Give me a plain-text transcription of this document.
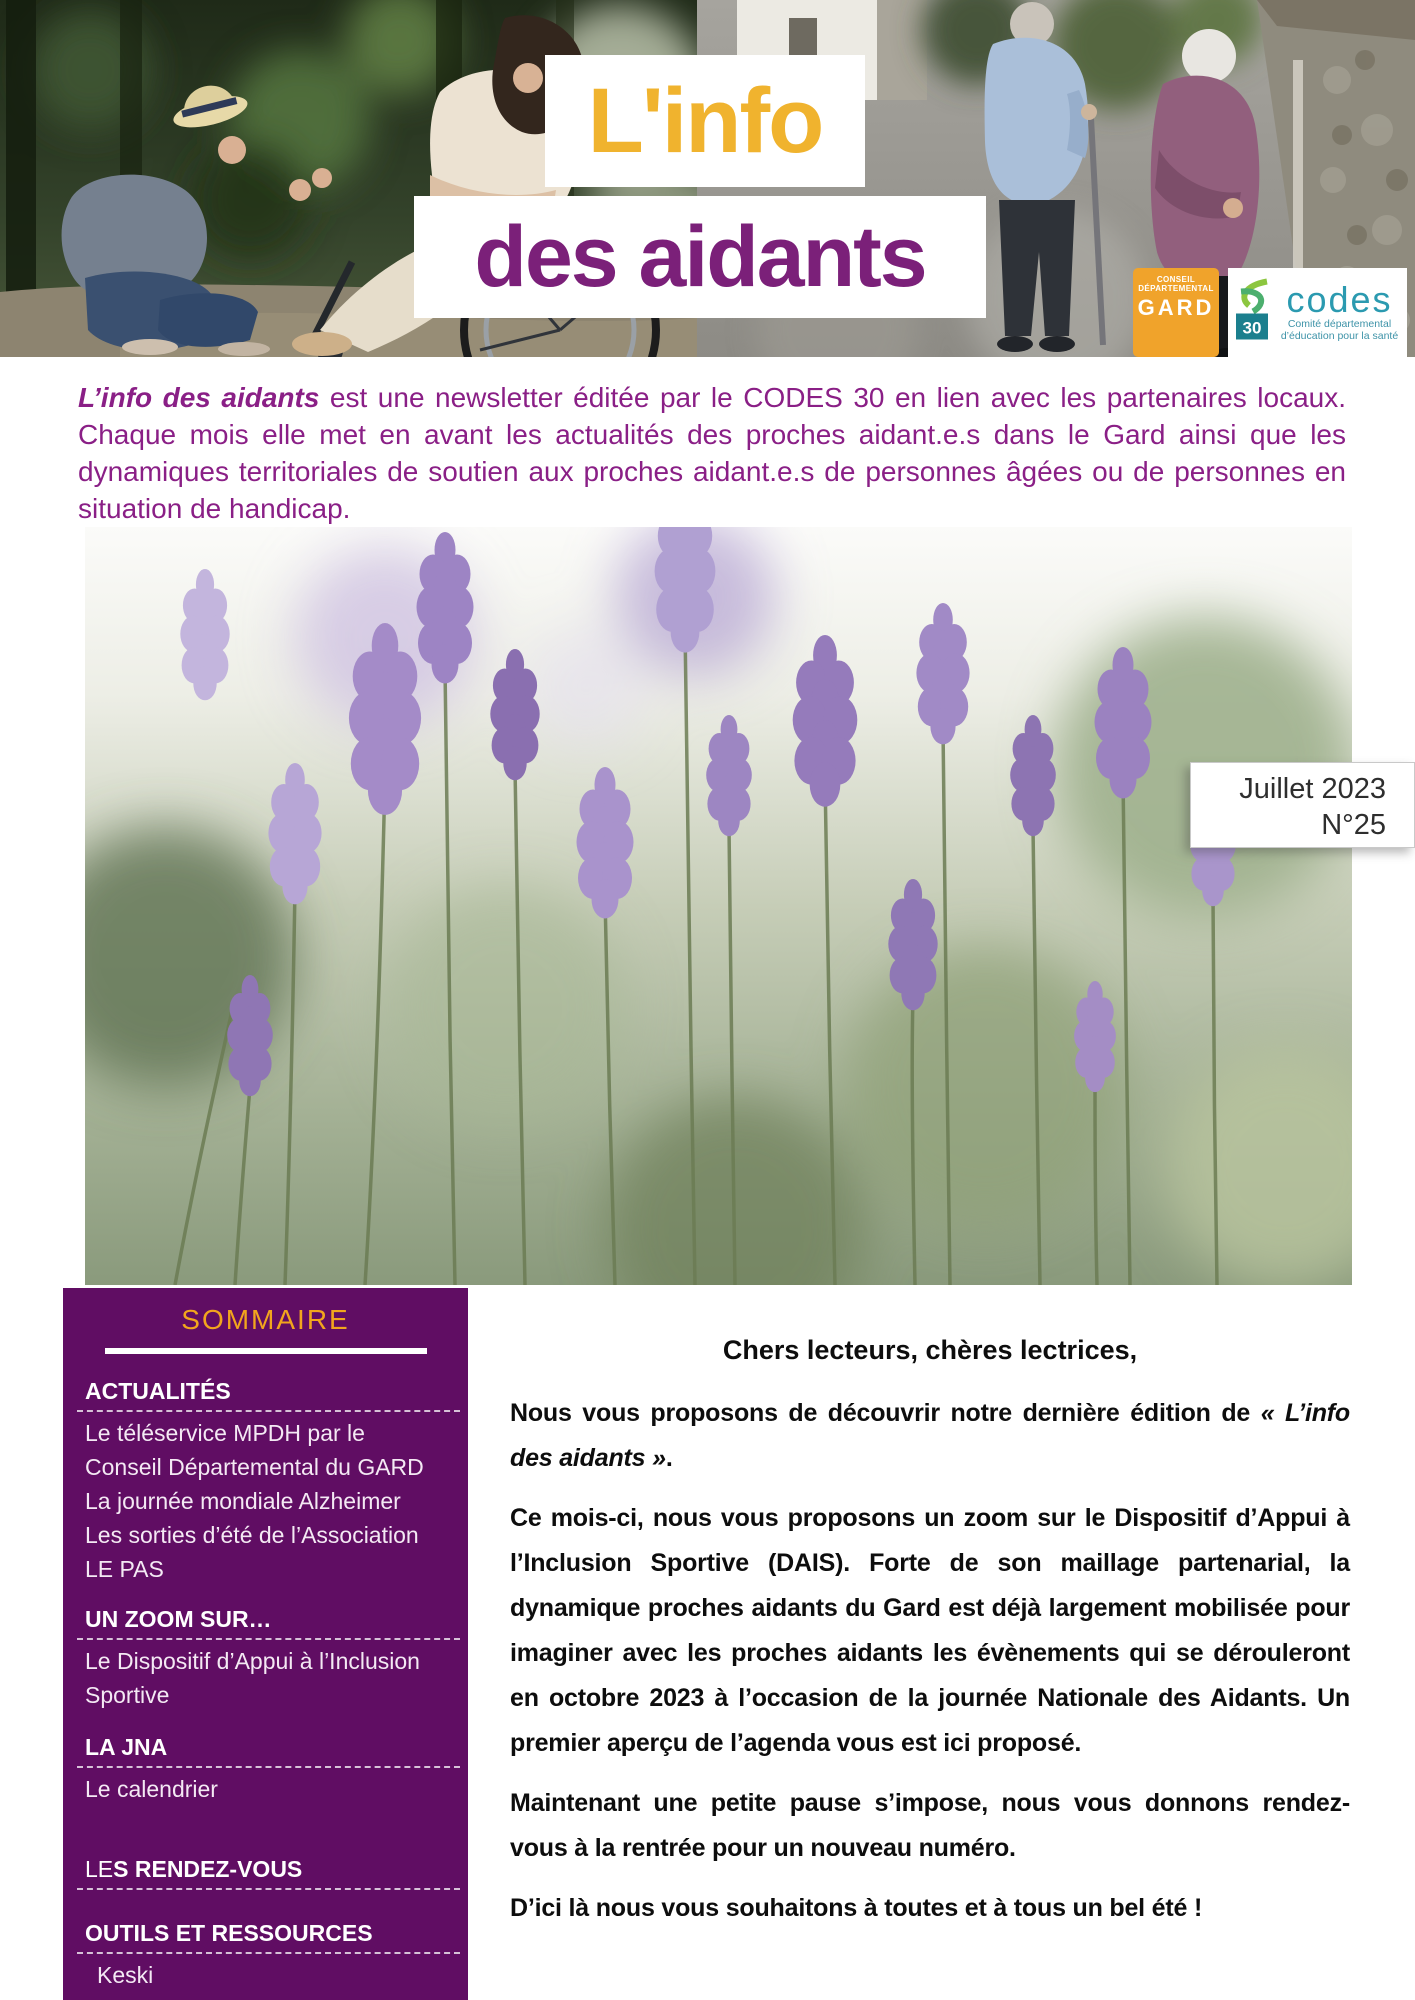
L'info
des aidants	CONSEIL
DÉPARTEMENTAL
GARD
30
codes
Comité départemental
d’éducation pour la santé
L’info des aidants est une newsletter éditée par le CODES 30 en lien avec les partenaires locaux. Chaque mois elle met en avant les actualités des proches aidant.e.s dans le Gard ainsi que les dynamiques territoriales de soutien aux proches aidant.e.s de personnes âgées ou de personnes en situation de handicap.
Juillet 2023
N°25
SOMMAIRE
ACTUALITÉS
Le téléservice MPDH par le
Conseil Départemental du GARD
La journée mondiale Alzheimer
Les sorties d’été de l’Association
LE PAS
UN ZOOM SUR…
Le Dispositif d’Appui à l’Inclusion
Sportive
LA JNA
Le calendrier
LES RENDEZ-VOUS
OUTILS ET RESSOURCES
Keski
Chers lecteurs, chères lectrices,

Nous vous proposons de découvrir notre dernière édition de « L’info des aidants ».

Ce mois-ci, nous vous proposons un zoom sur le Dispositif d’Appui à l’Inclusion Sportive (DAIS). Forte de son maillage partenarial, la dynamique proches aidants du Gard est déjà largement mobilisée pour imaginer avec les proches aidants les évènements qui se dérouleront en octobre 2023 à l’occasion de la journée Nationale des Aidants. Un premier aperçu de l’agenda vous est ici proposé.

Maintenant une petite pause s’impose, nous vous donnons rendez-vous à la rentrée pour un nouveau numéro.

D’ici là nous vous souhaitons à toutes et à tous un bel été !
